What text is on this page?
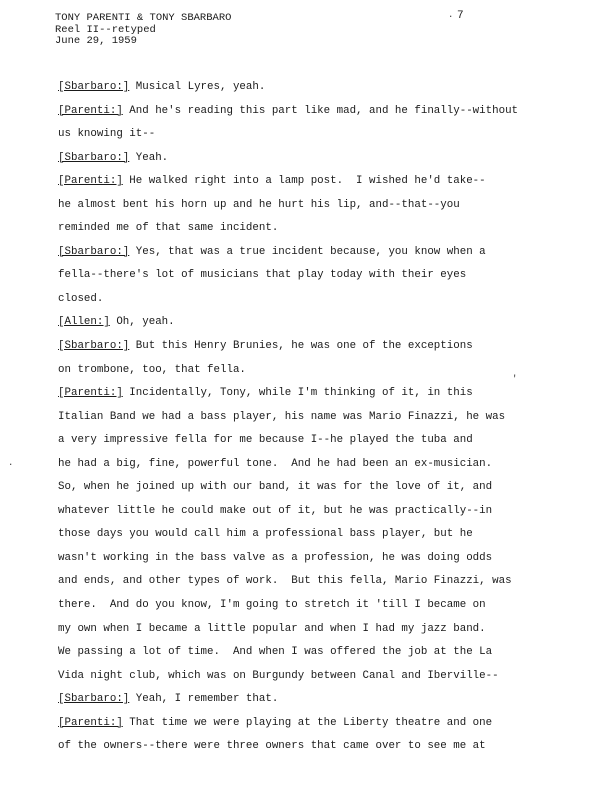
TONY PARENTI & TONY SBARBARO
Reel II--retyped
June 29, 1959
7
[Sbarbaro:] Musical Lyres, yeah.
[Parenti:] And he's reading this part like mad, and he finally--without
us knowing it--
[Sbarbaro:] Yeah.
[Parenti:] He walked right into a lamp post.  I wished he'd take--
he almost bent his horn up and he hurt his lip, and--that--you
reminded me of that same incident.
[Sbarbaro:] Yes, that was a true incident because, you know when a
fella--there's lot of musicians that play today with their eyes
closed.
[Allen:] Oh, yeah.
[Sbarbaro:] But this Henry Brunies, he was one of the exceptions
on trombone, too, that fella.
[Parenti:] Incidentally, Tony, while I'm thinking of it, in this
Italian Band we had a bass player, his name was Mario Finazzi, he was
a very impressive fella for me because I--he played the tuba and
he had a big, fine, powerful tone.  And he had been an ex-musician.
So, when he joined up with our band, it was for the love of it, and
whatever little he could make out of it, but he was practically--in
those days you would call him a professional bass player, but he
wasn't working in the bass valve as a profession, he was doing odds
and ends, and other types of work.  But this fella, Mario Finazzi, was
there.  And do you know, I'm going to stretch it 'till I became on
my own when I became a little popular and when I had my jazz band.
We passing a lot of time.  And when I was offered the job at the La
Vida night club, which was on Burgundy between Canal and Iberville--
[Sbarbaro:] Yeah, I remember that.
[Parenti:] That time we were playing at the Liberty theatre and one
of the owners--there were three owners that came over to see me at
·
'
·
